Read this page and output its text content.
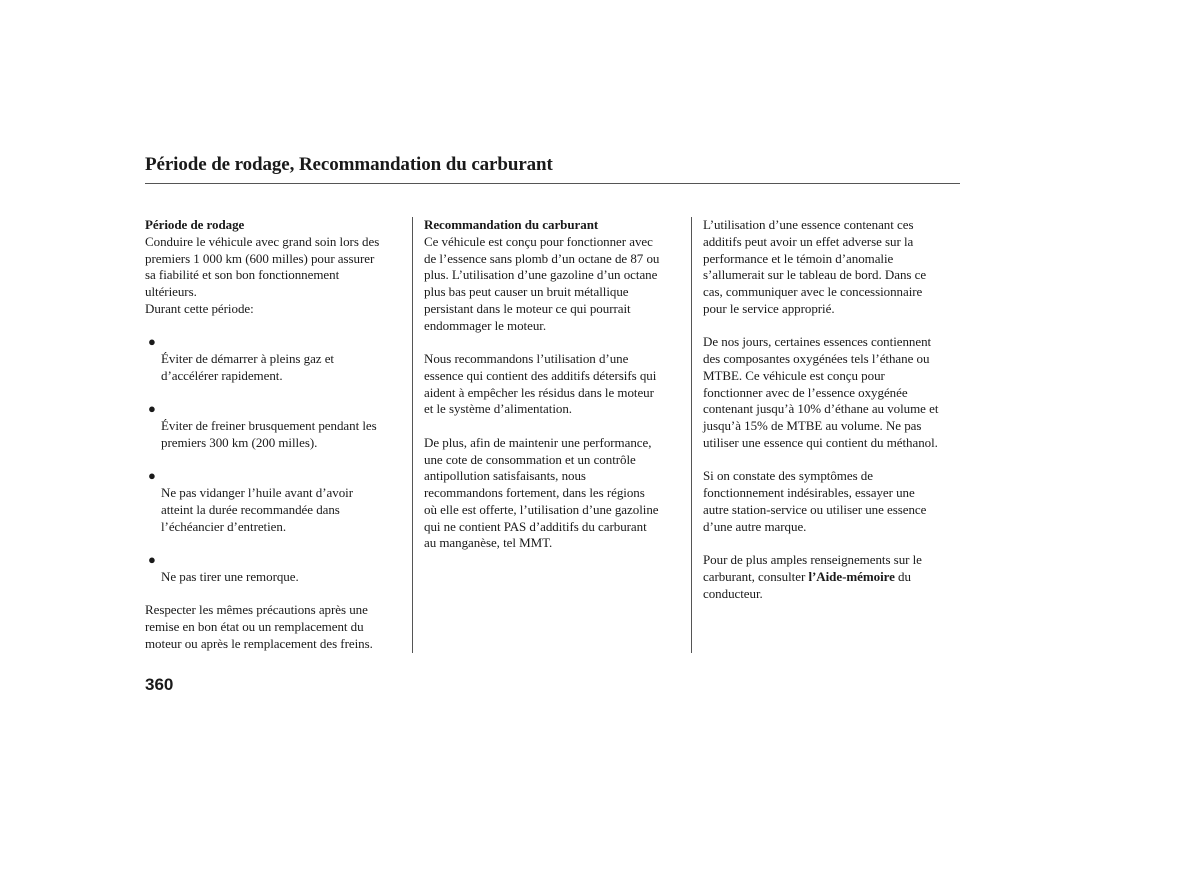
Période de rodage, Recommandation du carburant
Période de rodage
Conduire le véhicule avec grand soin lors des
premiers 1 000 km (600 milles) pour assurer
sa fiabilité et son bon fonctionnement
ultérieurs.
Durant cette période:

●
Éviter de démarrer à pleins gaz et
d’accélérer rapidement.

●
Éviter de freiner brusquement pendant les
premiers 300 km (200 milles).

●
Ne pas vidanger l’huile avant d’avoir
atteint la durée recommandée dans
l’échéancier d’entretien.

●
Ne pas tirer une remorque.

Respecter les mêmes précautions après une
remise en bon état ou un remplacement du
moteur ou après le remplacement des freins.
Recommandation du carburant
Ce véhicule est conçu pour fonctionner avec
de l’essence sans plomb d’un octane de 87 ou
plus. L’utilisation d’une gazoline d’un octane
plus bas peut causer un bruit métallique
persistant dans le moteur ce qui pourrait
endommager le moteur.
Nous recommandons l’utilisation d’une
essence qui contient des additifs détersifs qui
aident à empêcher les résidus dans le moteur
et le système d’alimentation.
De plus, afin de maintenir une performance,
une cote de consommation et un contrôle
antipollution satisfaisants, nous
recommandons fortement, dans les régions
où elle est offerte, l’utilisation d’une gazoline
qui ne contient PAS d’additifs du carburant
au manganèse, tel MMT.
L’utilisation d’une essence contenant ces
additifs peut avoir un effet adverse sur la
performance et le témoin d’anomalie
s’allumerait sur le tableau de bord. Dans ce
cas, communiquer avec le concessionnaire
pour le service approprié.
De nos jours, certaines essences contiennent
des composantes oxygénées tels l’éthane ou
MTBE. Ce véhicule est conçu pour
fonctionner avec de l’essence oxygénée
contenant jusqu’à 10% d’éthane au volume et
jusqu’à 15% de MTBE au volume. Ne pas
utiliser une essence qui contient du méthanol.
Si on constate des symptômes de
fonctionnement indésirables, essayer une
autre station-service ou utiliser une essence
d’une autre marque.
Pour de plus amples renseignements sur le
carburant, consulter l’Aide-mémoire du
conducteur.
360
